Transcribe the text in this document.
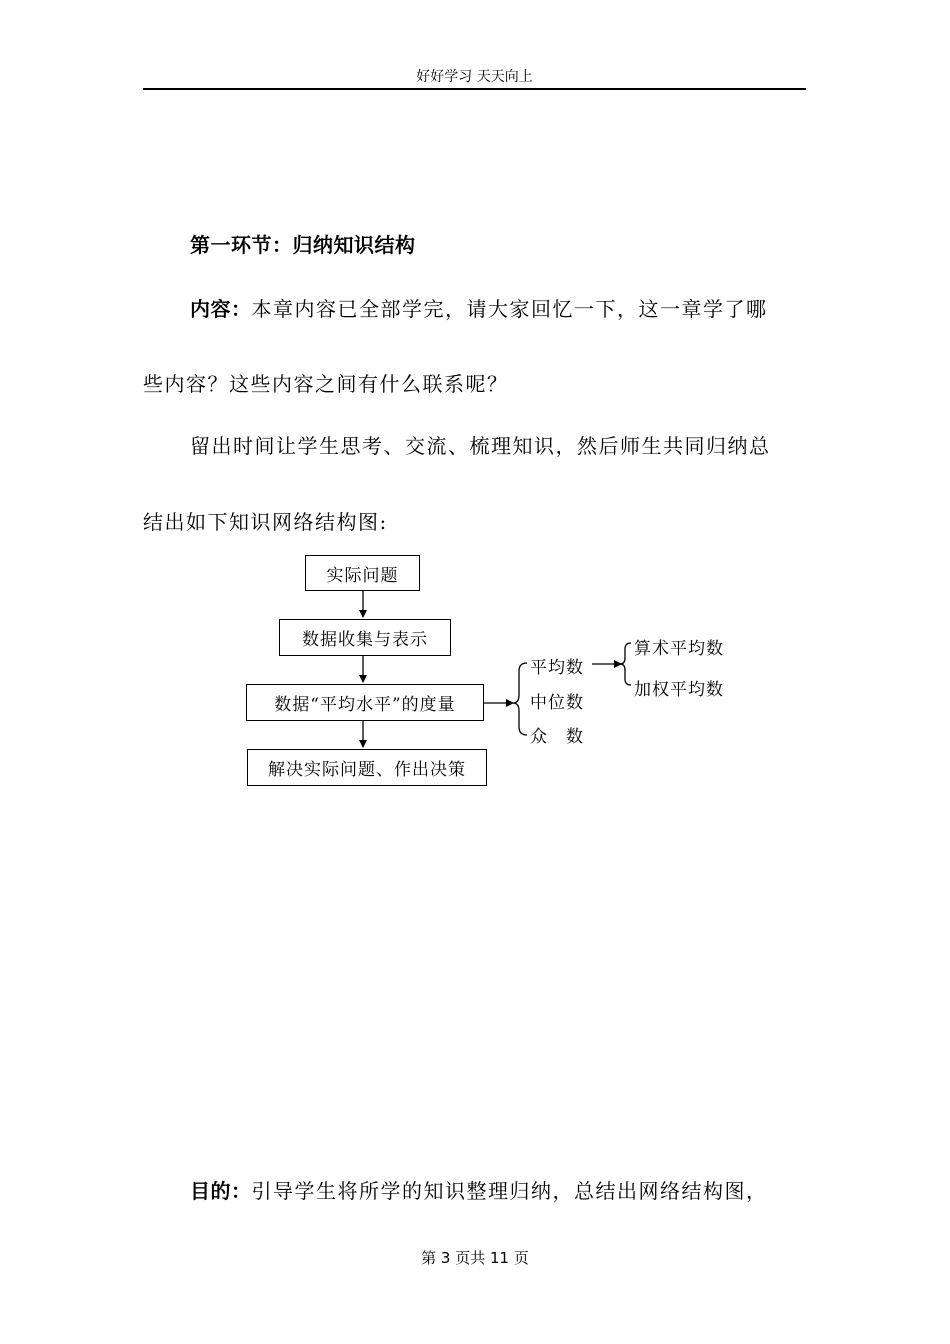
好好学习 天天向上
第一环节：归纳知识结构
内容：本章内容已全部学完，请大家回忆一下，这一章学了哪
些内容？这些内容之间有什么联系呢？
留出时间让学生思考、交流、梳理知识，然后师生共同归纳总
结出如下知识网络结构图:
实际问题
数据收集与表示
数据“平均水平”的度量
解决实际问题、作出决策
平均数
中位数
众　数
算术平均数
加权平均数
目的：引导学生将所学的知识整理归纳，总结出网络结构图，
第 3 页共 11 页
